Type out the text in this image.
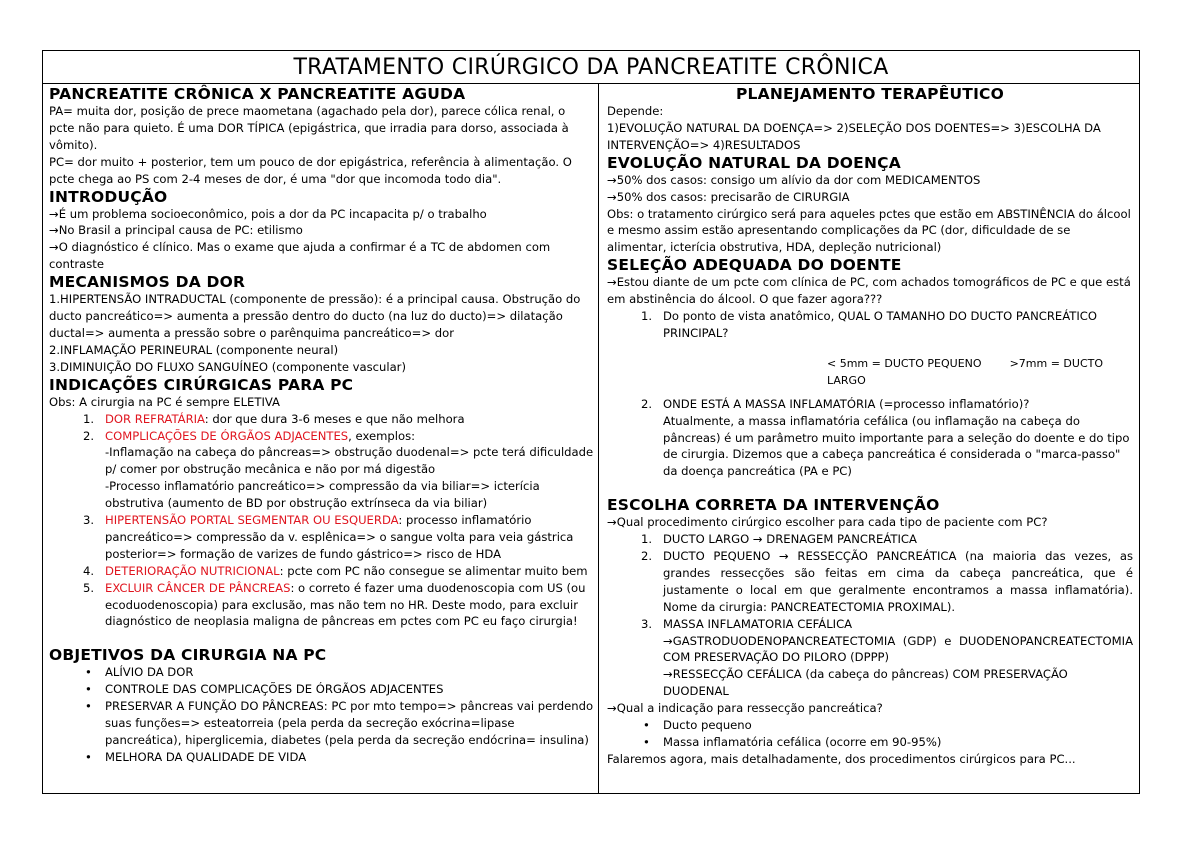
TRATAMENTO CIRÚRGICO DA PANCREATITE CRÔNICA

PANCREATITE CRÔNICA X PANCREATITE AGUDA

PA= muita dor, posição de prece maometana (agachado pela dor), parece cólica renal, o pcte não para quieto. É uma DOR TÍPICA (epigástrica, que irradia para dorso, associada à vômito).

PC= dor muito + posterior, tem um pouco de dor epigástrica, referência à alimentação. O pcte chega ao PS com 2-4 meses de dor, é uma "dor que incomoda todo dia".

INTRODUÇÃO

→É um problema socioeconômico, pois a dor da PC incapacita p/ o trabalho

→No Brasil a principal causa de PC: etilismo

→O diagnóstico é clínico. Mas o exame que ajuda a confirmar é a TC de abdomen com contraste

MECANISMOS DA DOR

1.HIPERTENSÃO INTRADUCTAL (componente de pressão): é a principal causa. Obstrução do ducto pancreático=> aumenta a pressão dentro do ducto (na luz do ducto)=> dilatação ductal=> aumenta a pressão sobre o parênquima pancreático=> dor

2.INFLAMAÇÃO PERINEURAL (componente neural)

3.DIMINUIÇÃO DO FLUXO SANGUÍNEO (componente vascular)

INDICAÇÕES CIRÚRGICAS PARA PC

Obs: A cirurgia na PC é sempre ELETIVA

1. DOR REFRATÁRIA: dor que dura 3-6 meses e que não melhora
2. COMPLICAÇÕES DE ÓRGÃOS ADJACENTES, exemplos:
-Inflamação na cabeça do pâncreas=> obstrução duodenal=> pcte terá dificuldade p/ comer por obstrução mecânica e não por má digestão
-Processo inflamatório pancreático=> compressão da via biliar=> icterícia obstrutiva (aumento de BD por obstrução extrínseca da via biliar)
3. HIPERTENSÃO PORTAL SEGMENTAR OU ESQUERDA: processo inflamatório pancreático=> compressão da v. esplênica=> o sangue volta para veia gástrica posterior=> formação de varizes de fundo gástrico=> risco de HDA
4. DETERIORAÇÃO NUTRICIONAL: pcte com PC não consegue se alimentar muito bem
5. EXCLUIR CÂNCER DE PÂNCREAS: o correto é fazer uma duodenoscopia com US (ou ecoduodenoscopia) para exclusão, mas não tem no HR. Deste modo, para excluir diagnóstico de neoplasia maligna de pâncreas em pctes com PC eu faço cirurgia!

OBJETIVOS DA CIRURGIA NA PC

• ALÍVIO DA DOR
• CONTROLE DAS COMPLICAÇÕES DE ÓRGÃOS ADJACENTES
• PRESERVAR A FUNÇÃO DO PÂNCREAS: PC por mto tempo=> pâncreas vai perdendo suas funções=> esteatorreia (pela perda da secreção exócrina=lipase pancreática), hiperglicemia, diabetes (pela perda da secreção endócrina= insulina)
• MELHORA DA QUALIDADE DE VIDA

PLANEJAMENTO TERAPÊUTICO

Depende:

1)EVOLUÇÃO NATURAL DA DOENÇA=> 2)SELEÇÃO DOS DOENTES=> 3)ESCOLHA DA INTERVENÇÃO=> 4)RESULTADOS

EVOLUÇÃO NATURAL DA DOENÇA

→50% dos casos: consigo um alívio da dor com MEDICAMENTOS

→50% dos casos: precisarão de CIRURGIA

Obs: o tratamento cirúrgico será para aqueles pctes que estão em ABSTINÊNCIA do álcool e mesmo assim estão apresentando complicações da PC (dor, dificuldade de se alimentar, icterícia obstrutiva, HDA, depleção nutricional)

SELEÇÃO ADEQUADA DO DOENTE

→Estou diante de um pcte com clínica de PC, com achados tomográficos de PC e que está em abstinência do álcool. O que fazer agora???

1. Do ponto de vista anatômico, QUAL O TAMANHO DO DUCTO PANCREÁTICO PRINCIPAL?

< 5mm = DUCTO PEQUENO	>7mm = DUCTO LARGO

2. ONDE ESTÁ A MASSA INFLAMATÓRIA (=processo inflamatório)?
Atualmente, a massa inflamatória cefálica (ou inflamação na cabeça do pâncreas) é um parâmetro muito importante para a seleção do doente e do tipo de cirurgia. Dizemos que a cabeça pancreática é considerada o "marca-passo" da doença pancreática (PA e PC)

ESCOLHA CORRETA DA INTERVENÇÃO

→Qual procedimento cirúrgico escolher para cada tipo de paciente com PC?

1. DUCTO LARGO → DRENAGEM PANCREÁTICA
2. DUCTO PEQUENO → RESSECÇÃO PANCREÁTICA (na maioria das vezes, as grandes ressecções são feitas em cima da cabeça pancreática, que é justamente o local em que geralmente encontramos a massa inflamatória). Nome da cirurgia: PANCREATECTOMIA PROXIMAL).
3. MASSA INFLAMATORIA CEFÁLICA
→GASTRODUODENOPANCREATECTOMIA (GDP) e DUODENOPANCREATECTOMIA COM PRESERVAÇÃO DO PILORO (DPPP)
→RESSECÇÃO CEFÁLICA (da cabeça do pâncreas) COM PRESERVAÇÃO DUODENAL

→Qual a indicação para ressecção pancreática?

• Ducto pequeno
• Massa inflamatória cefálica (ocorre em 90-95%)

Falaremos agora, mais detalhadamente, dos procedimentos cirúrgicos para PC...
